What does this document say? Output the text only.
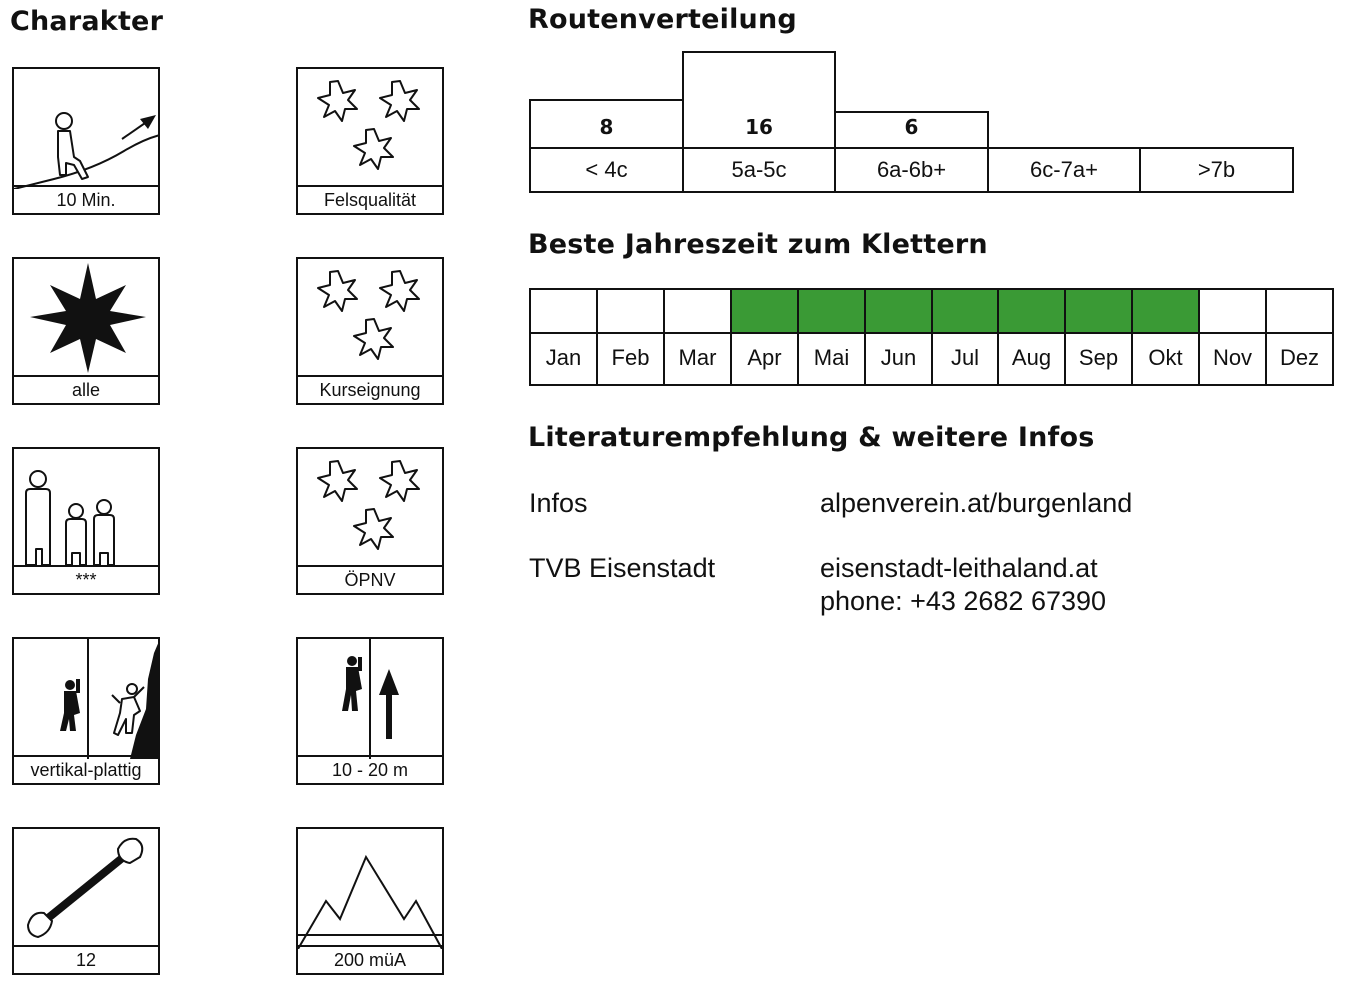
Charakter	Routenverteilung
Beste Jahreszeit zum Klettern
Literaturempfehlung & weitere Infos
10 Min.	Felsqualität
alle	Kurseignung
***	ÖPNV
vertikal-plattig	10 - 20 m
12	200 müA
< 4c
8
5a-5c
16
6a-6b+
6
6c-7a+	>7b
Jan	Feb	Mar	Apr	Mai	Jun	Jul	Aug	Sep	Okt	Nov	Dez
Infos	alpenverein.at/burgenland
TVB Eisenstadt	eisenstadt-leithaland.at
phone: +43 2682 67390
